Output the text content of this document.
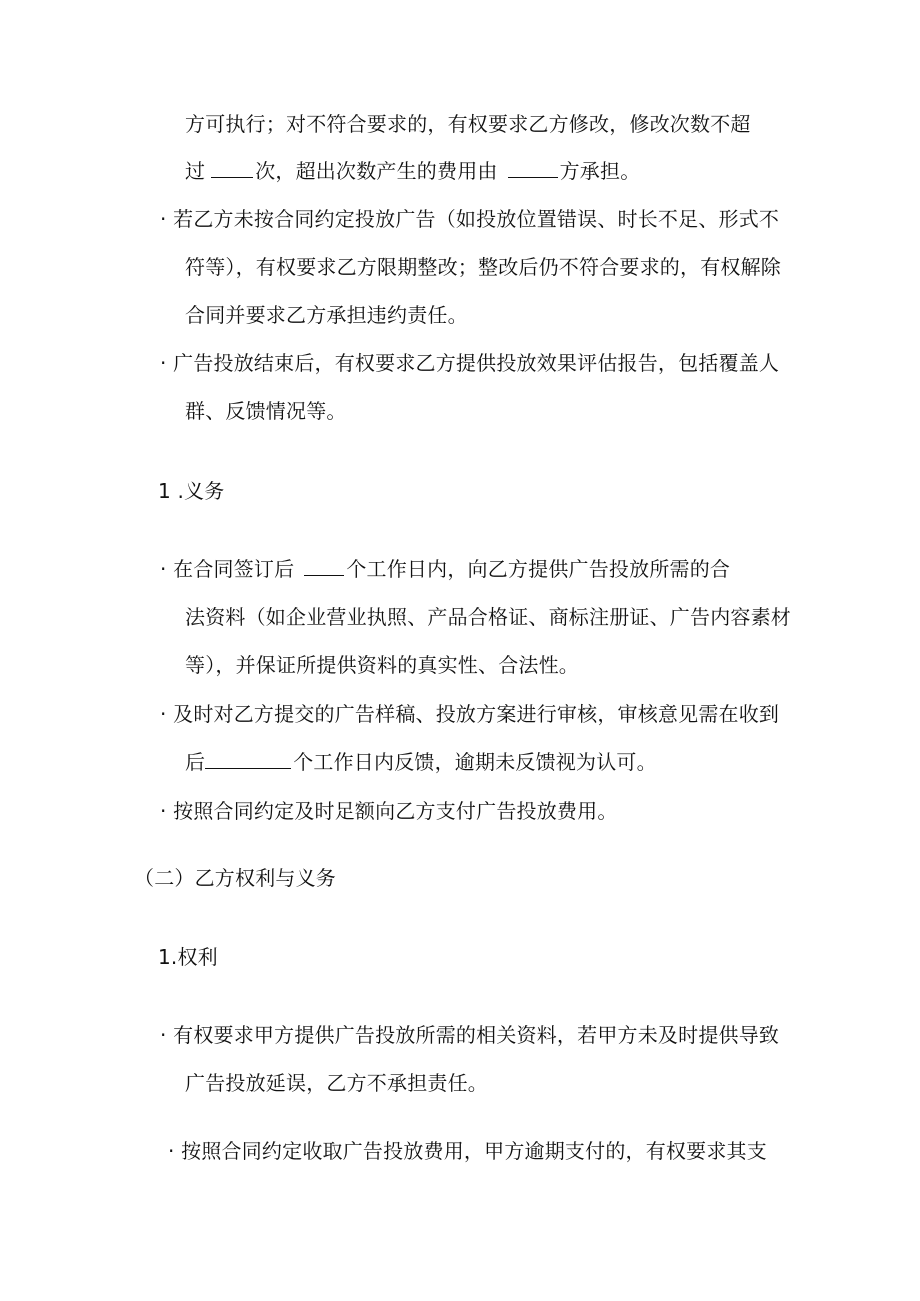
方可执行；对不符合要求的，有权要求乙方修改，修改次数不超
过	次，超出次数产生的费用由	方承担。
· 若乙方未按合同约定投放广告（如投放位置错误、时长不足、形式不
符等），有权要求乙方限期整改；整改后仍不符合要求的，有权解除
合同并要求乙方承担违约责任。
· 广告投放结束后，有权要求乙方提供投放效果评估报告，包括覆盖人
群、反馈情况等。
1 .义务
· 在合同签订后	个工作日内，向乙方提供广告投放所需的合
法资料（如企业营业执照、产品合格证、商标注册证、广告内容素材
等），并保证所提供资料的真实性、合法性。
· 及时对乙方提交的广告样稿、投放方案进行审核，审核意见需在收到
后	个工作日内反馈，逾期未反馈视为认可。
· 按照合同约定及时足额向乙方支付广告投放费用。
（二）乙方权利与义务
1.权利
· 有权要求甲方提供广告投放所需的相关资料，若甲方未及时提供导致
广告投放延误，乙方不承担责任。
· 按照合同约定收取广告投放费用，甲方逾期支付的，有权要求其支
